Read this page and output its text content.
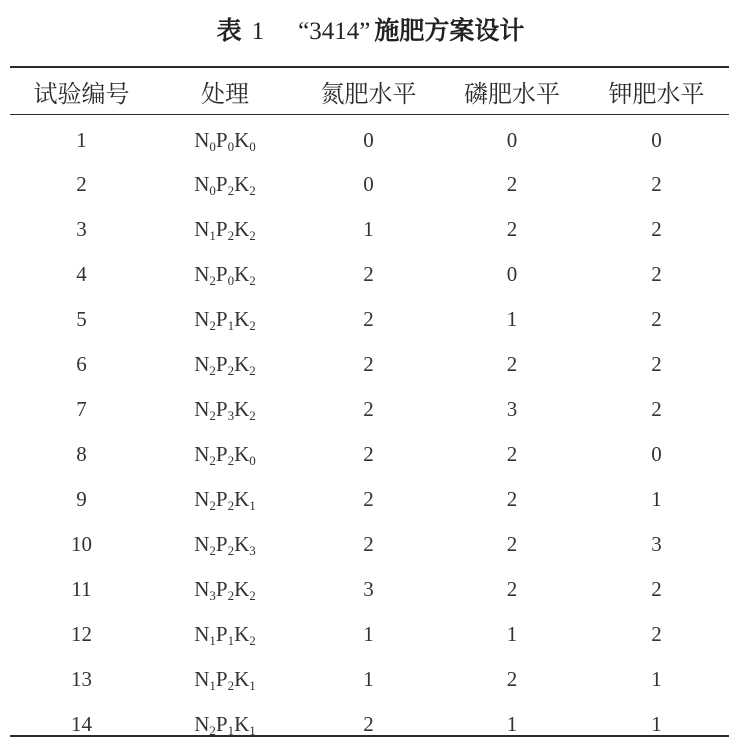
表 1 “3414” 施肥方案设计
试验编号	处理	氮肥水平	磷肥水平	钾肥水平
1	$N_0P_0K_0$	0	0	0
2	$N_0P_2K_2$	0	2	2
3	$N_1P_2K_2$	1	2	2
4	$N_2P_0K_2$	2	0	2
5	$N_2P_1K_2$	2	1	2
6	$N_2P_2K_2$	2	2	2
7	$N_2P_3K_2$	2	3	2
8	$N_2P_2K_0$	2	2	0
9	$N_2P_2K_1$	2	2	1
10	$N_2P_2K_3$	2	2	3
11	$N_3P_2K_2$	3	2	2
12	$N_1P_1K_2$	1	1	2
13	$N_1P_2K_1$	1	2	1
14	$N_2P_1K_1$	2	1	1
